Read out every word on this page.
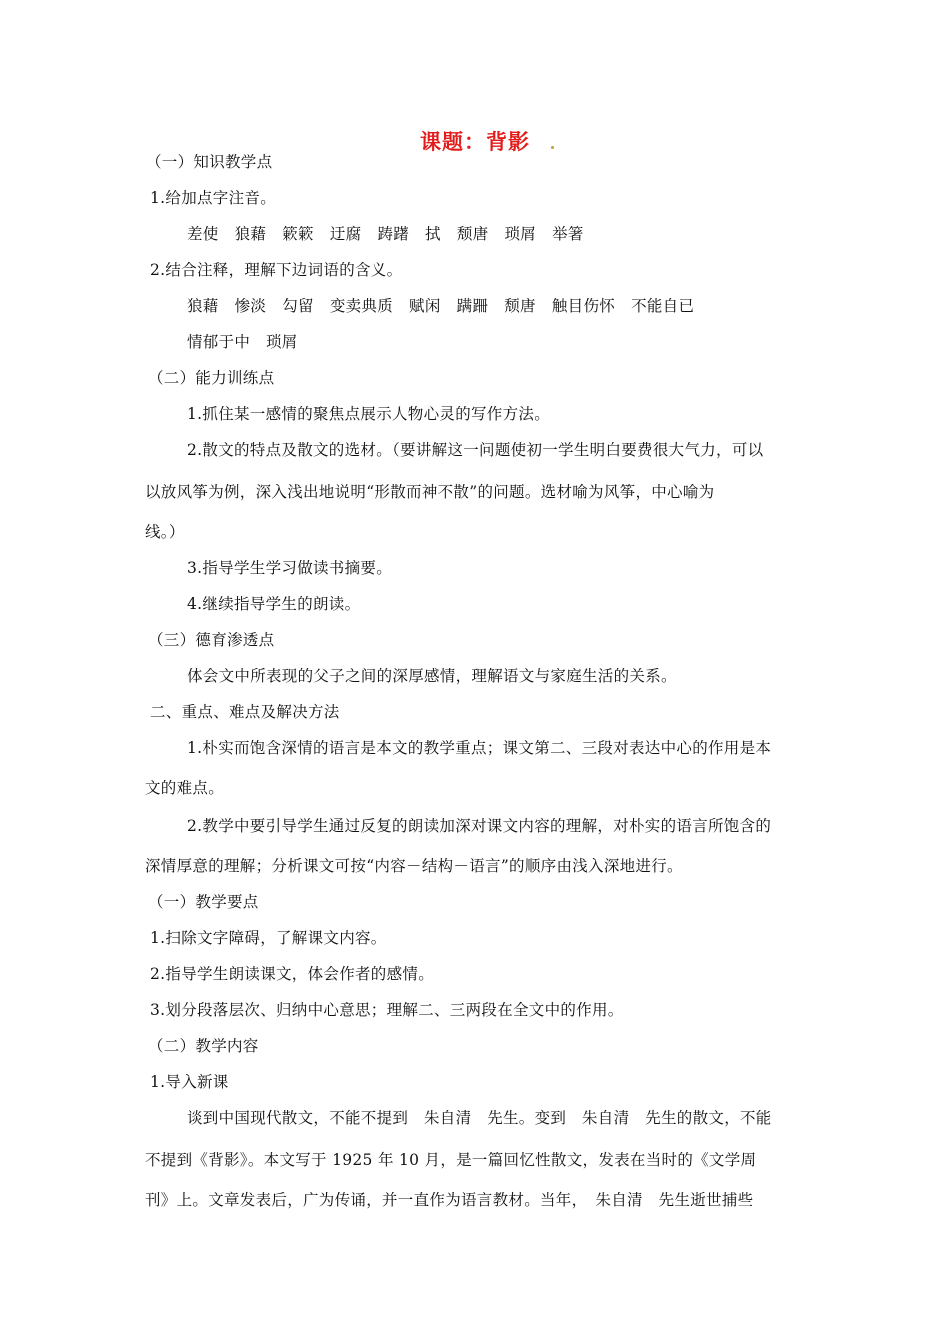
课题：背影
（一）知识教学点
1.给加点字注音。
2.结合注释，理解下边词语的含义。
情郁于中　琐屑
（二）能力训练点
1.抓住某一感情的聚焦点展示人物心灵的写作方法。
2.散文的特点及散文的选材。（要讲解这一问题使初一学生明白要费很大气力，可以
以放风筝为例，深入浅出地说明“形散而神不散”的问题。选材喻为风筝，中心喻为
线。）
3.指导学生学习做读书摘要。
4.继续指导学生的朗读。
（三）德育渗透点
体会文中所表现的父子之间的深厚感情，理解语文与家庭生活的关系。
二、重点、难点及解决方法
1.朴实而饱含深情的语言是本文的教学重点；课文第二、三段对表达中心的作用是本
文的难点。
2.教学中要引导学生通过反复的朗读加深对课文内容的理解，对朴实的语言所饱含的
深情厚意的理解；分析课文可按“内容－结构－语言”的顺序由浅入深地进行。
（一）教学要点
1.扫除文字障碍，了解课文内容。
2.指导学生朗读课文，体会作者的感情。
3.划分段落层次、归纳中心意思；理解二、三两段在全文中的作用。
（二）教学内容
1.导入新课
谈到中国现代散文，不能不提到　朱自清　先生。变到　朱自清　先生的散文，不能
不提到《背影》。本文写于 1925 年 10 月，是一篇回忆性散文，发表在当时的《文学周
刊》上。文章发表后，广为传诵，并一直作为语言教材。当年，　朱自清　先生逝世捕些
差使 狼藉 簌簌 迂腐 踌躇 拭 颓唐 琐屑 举箸
狼藉 惨淡 勾留 变卖典质 赋闲 蹒跚 颓唐 触目伤怀 不能自已
